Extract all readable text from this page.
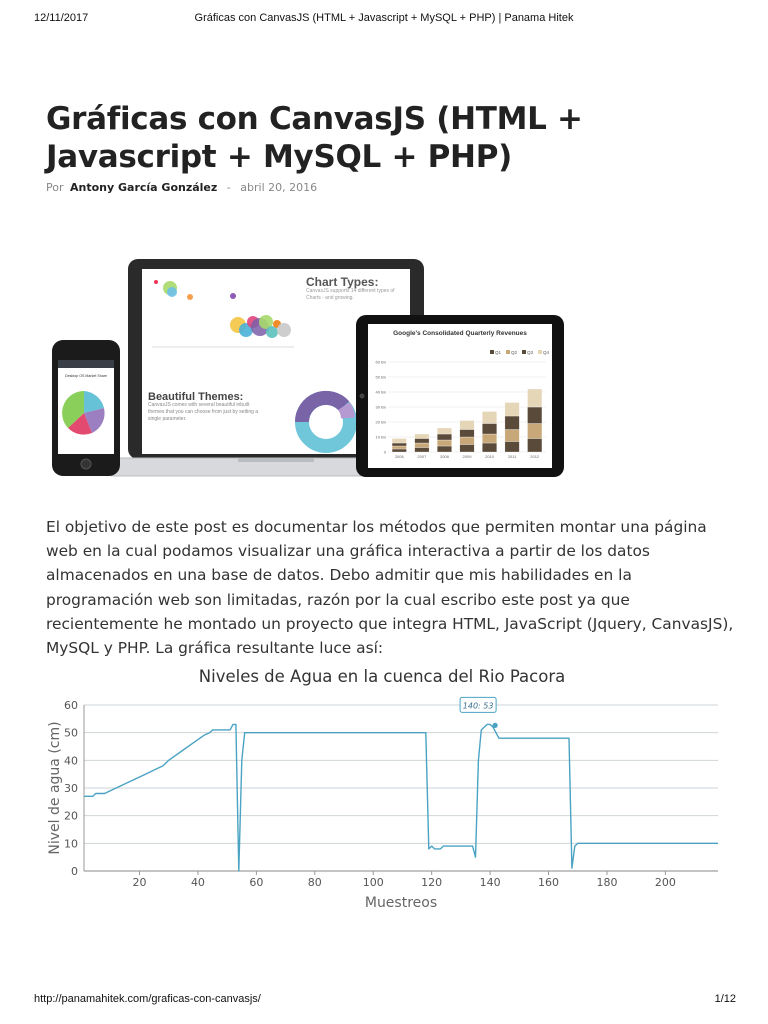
12/11/2017	Gráficas con CanvasJS (HTML + Javascript + MySQL + PHP) | Panama Hitek
Gráficas con CanvasJS (HTML + Javascript + MySQL + PHP)
Por Antony García González - abril 20, 2016
Chart Types:
CanvasJS supports 14 different types of Charts - and growing.
Beautiful Themes:
CanvasJS comes with several beautiful inbuilt themes that you can choose from just by setting a single parameter.
Desktop OS Market Share
Google's Consolidated Quarterly Revenues
Q1 Q2 Q3 Q4
0
10 Bn
20 Bn
30 Bn
40 Bn
50 Bn
60 Bn
2006	2007	2008	2009	2010	2011	2012

El objetivo de este post es documentar los métodos que permiten montar una página web en la cual podamos visualizar una gráfica interactiva a partir de los datos almacenados en una base de datos. Debo admitir que mis habilidades en la programación web son limitadas, razón por la cual escribo este post ya que recientemente he montado un proyecto que integra HTML, JavaScript (Jquery, CanvasJS), MySQL y PHP. La gráfica resultante luce así:

Niveles de Agua en la cuenca del Rio Pacora
0
10
20
30
40
50
60
20	40	60	80	100	120	140	160	180	200
Muestreos
Nivel de agua (cm)
140: 53
http://panamahitek.com/graficas-con-canvasjs/	1/12
